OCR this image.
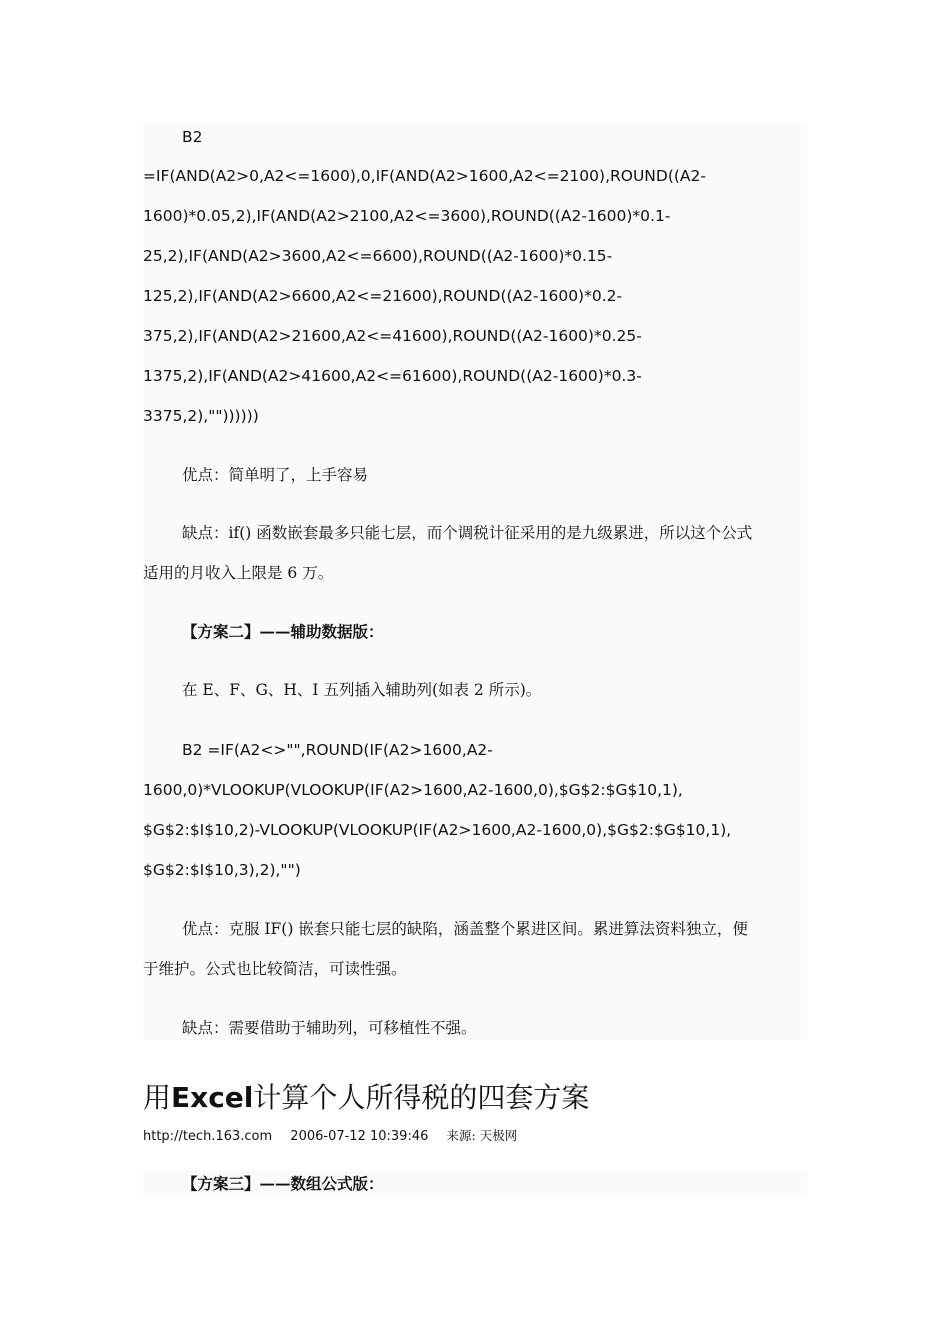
B2
=IF(AND(A2>0,A2<=1600),0,IF(AND(A2>1600,A2<=2100),ROUND((A2-
1600)*0.05,2),IF(AND(A2>2100,A2<=3600),ROUND((A2-1600)*0.1-
25,2),IF(AND(A2>3600,A2<=6600),ROUND((A2-1600)*0.15-
125,2),IF(AND(A2>6600,A2<=21600),ROUND((A2-1600)*0.2-
375,2),IF(AND(A2>21600,A2<=41600),ROUND((A2-1600)*0.25-
1375,2),IF(AND(A2>41600,A2<=61600),ROUND((A2-1600)*0.3-
3375,2),""))))))
优点：简单明了，上手容易
缺点：if() 函数嵌套最多只能七层，而个调税计征采用的是九级累进，所以这个公式
适用的月收入上限是 6 万。
【方案二】——辅助数据版：
在 E、F、G、H、I 五列插入辅助列(如表 2 所示)。
B2 =IF(A2<>"",ROUND(IF(A2>1600,A2-
1600,0)*VLOOKUP(VLOOKUP(IF(A2>1600,A2-1600,0),$G$2:$G$10,1),
$G$2:$I$10,2)-VLOOKUP(VLOOKUP(IF(A2>1600,A2-1600,0),$G$2:$G$10,1),
$G$2:$I$10,3),2),"")
优点：克服 IF() 嵌套只能七层的缺陷，涵盖整个累进区间。累进算法资料独立，便
于维护。公式也比较简洁，可读性强。
缺点：需要借助于辅助列，可移植性不强。
用Excel计算个人所得税的四套方案
http://tech.163.com 2006-07-12 10:39:46 来源: 天极网
【方案三】——数组公式版：
